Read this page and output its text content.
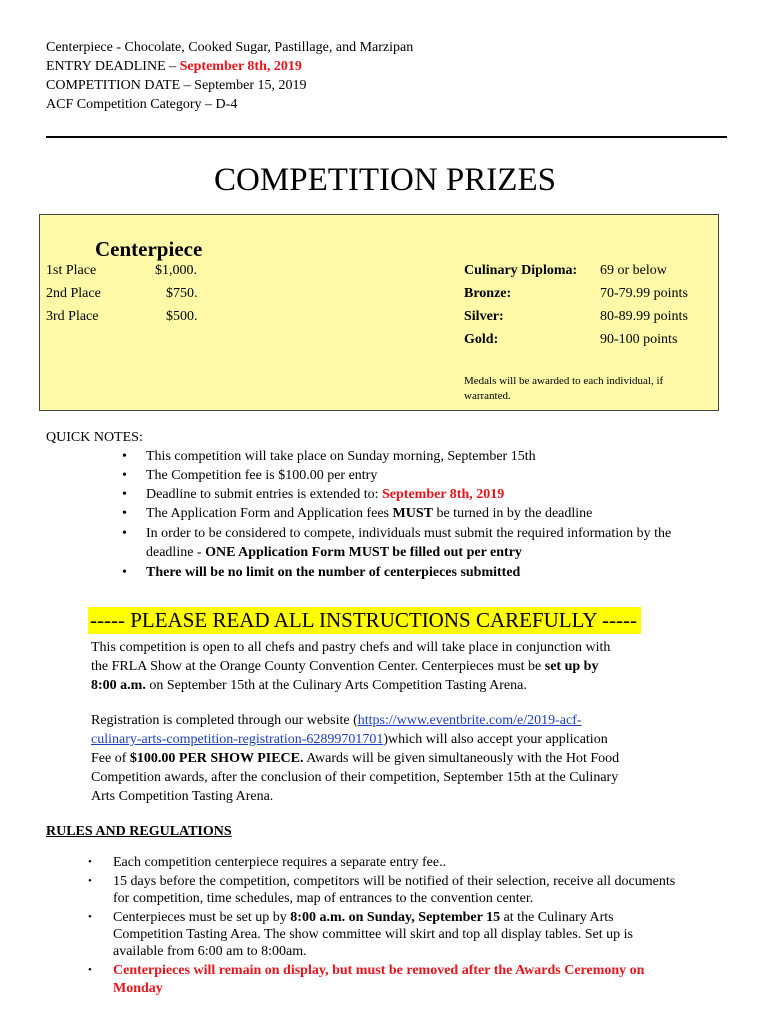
Centerpiece - Chocolate, Cooked Sugar, Pastillage, and Marzipan
ENTRY DEADLINE – September 8th, 2019
COMPETITION DATE – September 15, 2019
ACF Competition Category – D-4
COMPETITION PRIZES
Centerpiece
1st Place	$1,000.
2nd Place	$750.
3rd Place	$500.
Culinary Diploma: 69 or below
Bronze:	70-79.99 points
Silver:	80-89.99 points
Gold:	90-100 points
Medals will be awarded to each individual, if
warranted.
QUICK NOTES:
• This competition will take place on Sunday morning, September 15th
• The Competition fee is $100.00 per entry
• Deadline to submit entries is extended to: September 8th, 2019
• The Application Form and Application fees MUST be turned in by the deadline
• In order to be considered to compete, individuals must submit the required information by the
deadline - ONE Application Form MUST be filled out per entry
• There will be no limit on the number of centerpieces submitted
----- PLEASE READ ALL INSTRUCTIONS CAREFULLY -----
This competition is open to all chefs and pastry chefs and will take place in conjunction with
the FRLA Show at the Orange County Convention Center. Centerpieces must be set up by
8:00 a.m. on September 15th at the Culinary Arts Competition Tasting Arena.
Registration is completed through our website (https://www.eventbrite.com/e/2019-acf-
culinary-arts-competition-registration-62899701701)which will also accept your application
Fee of $100.00 PER SHOW PIECE. Awards will be given simultaneously with the Hot Food
Competition awards, after the conclusion of their competition, September 15th at the Culinary
Arts Competition Tasting Arena.
RULES AND REGULATIONS
• Each competition centerpiece requires a separate entry fee..
• 15 days before the competition, competitors will be notified of their selection, receive all documents
for competition, time schedules, map of entrances to the convention center.
• Centerpieces must be set up by 8:00 a.m. on Sunday, September 15 at the Culinary Arts
Competition Tasting Area. The show committee will skirt and top all display tables. Set up is
available from 6:00 am to 8:00am.
• Centerpieces will remain on display, but must be removed after the Awards Ceremony on
Monday
